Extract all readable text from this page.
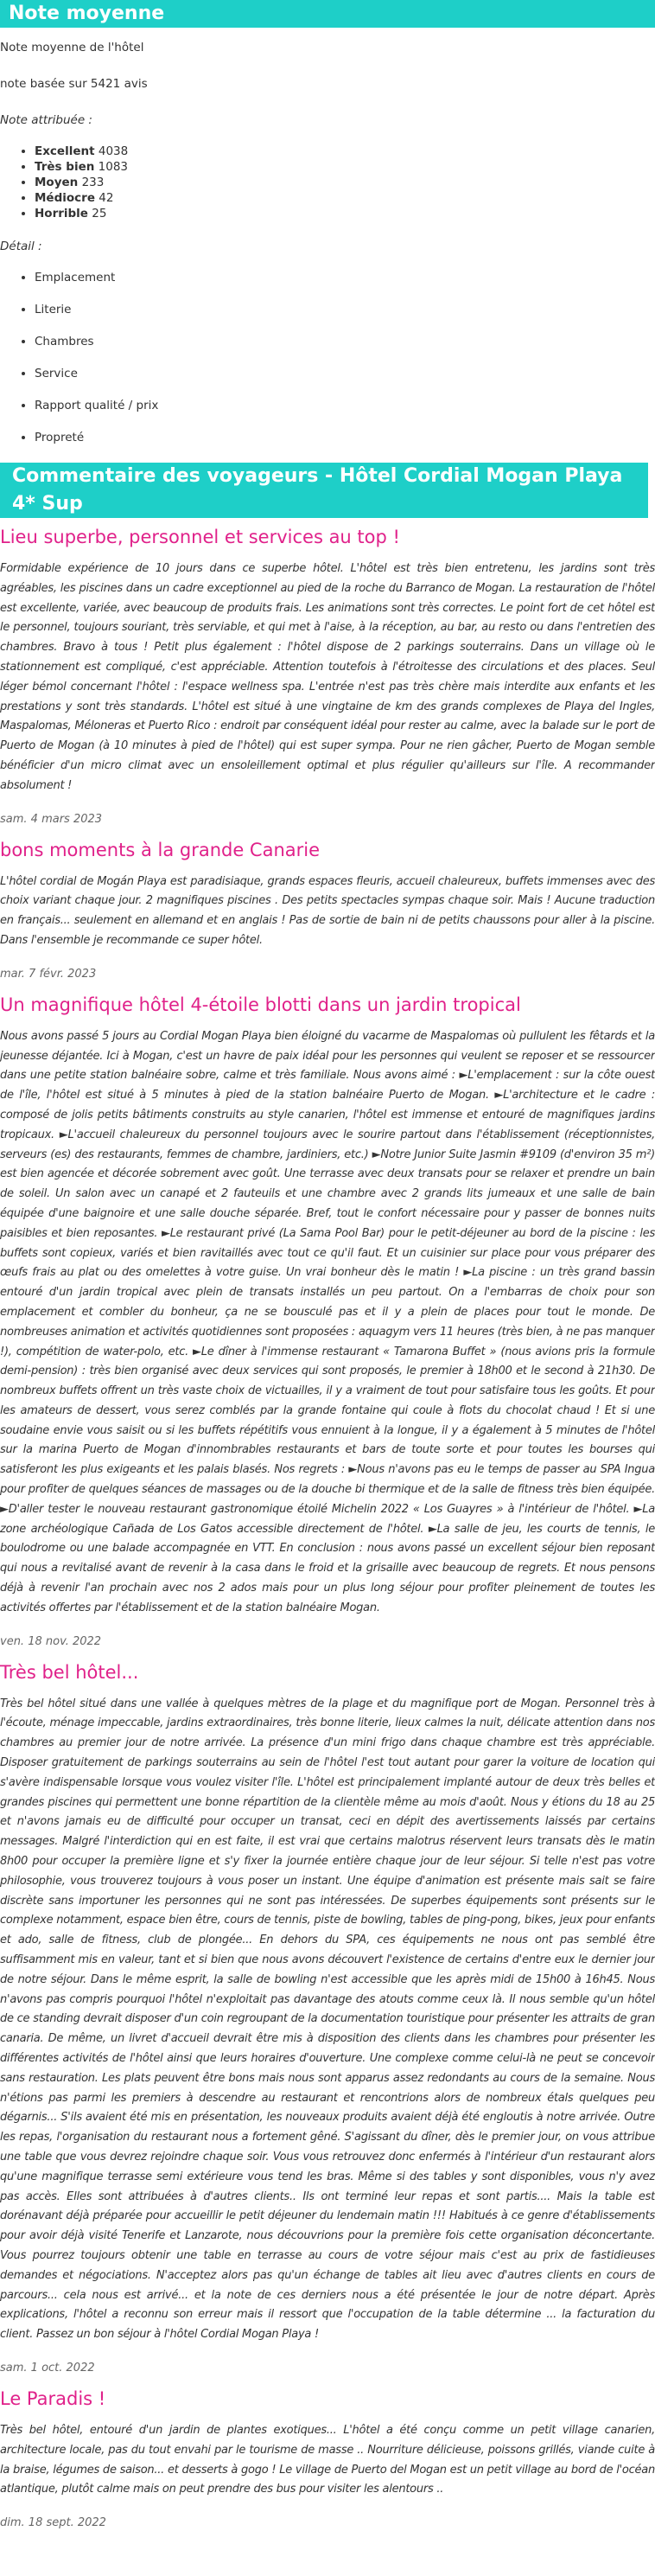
Note moyenne

Note moyenne de l'hôtel

note basée sur 5421 avis

Note attribuée :

• Excellent 4038
• Très bien 1083
• Moyen 233
• Médiocre 42
• Horrible 25

Détail :

• Emplacement
• Literie
• Chambres
• Service
• Rapport qualité / prix
• Propreté
Commentaire des voyageurs - Hôtel Cordial Mogan Playa 4* Sup
Lieu superbe, personnel et services au top !

Formidable expérience de 10 jours dans ce superbe hôtel. L'hôtel est très bien entretenu, les jardins sont très agréables, les piscines dans un cadre exceptionnel au pied de la roche du Barranco de Mogan. La restauration de l'hôtel est excellente, variée, avec beaucoup de produits frais. Les animations sont très correctes. Le point fort de cet hôtel est le personnel, toujours souriant, très serviable, et qui met à l'aise, à la réception, au bar, au resto ou dans l'entretien des chambres. Bravo à tous ! Petit plus également : l'hôtel dispose de 2 parkings souterrains. Dans un village où le stationnement est compliqué, c'est appréciable. Attention toutefois à l'étroitesse des circulations et des places. Seul léger bémol concernant l'hôtel : l'espace wellness spa. L'entrée n'est pas très chère mais interdite aux enfants et les prestations y sont très standards. L'hôtel est situé à une vingtaine de km des grands complexes de Playa del Ingles, Maspalomas, Méloneras et Puerto Rico : endroit par conséquent idéal pour rester au calme, avec la balade sur le port de Puerto de Mogan (à 10 minutes à pied de l'hôtel) qui est super sympa. Pour ne rien gâcher, Puerto de Mogan semble bénéficier d'un micro climat avec un ensoleillement optimal et plus régulier qu'ailleurs sur l'île. A recommander absolument !

sam. 4 mars 2023

bons moments à la grande Canarie

L'hôtel cordial de Mogán Playa est paradisiaque, grands espaces fleuris, accueil chaleureux, buffets immenses avec des choix variant chaque jour. 2 magnifiques piscines . Des petits spectacles sympas chaque soir. Mais ! Aucune traduction en français... seulement en allemand et en anglais ! Pas de sortie de bain ni de petits chaussons pour aller à la piscine. Dans l'ensemble je recommande ce super hôtel.

mar. 7 févr. 2023

Un magnifique hôtel 4-étoile blotti dans un jardin tropical

Nous avons passé 5 jours au Cordial Mogan Playa bien éloigné du vacarme de Maspalomas où pullulent les fêtards et la jeunesse déjantée. Ici à Mogan, c'est un havre de paix idéal pour les personnes qui veulent se reposer et se ressourcer dans une petite station balnéaire sobre, calme et très familiale. Nous avons aimé : ►L'emplacement : sur la côte ouest de l'île, l'hôtel est situé à 5 minutes à pied de la station balnéaire Puerto de Mogan. ►L'architecture et le cadre : composé de jolis petits bâtiments construits au style canarien, l'hôtel est immense et entouré de magnifiques jardins tropicaux. ►L'accueil chaleureux du personnel toujours avec le sourire partout dans l'établissement (réceptionnistes, serveurs (es) des restaurants, femmes de chambre, jardiniers, etc.) ►Notre Junior Suite Jasmin #9109 (d'environ 35 m²) est bien agencée et décorée sobrement avec goût. Une terrasse avec deux transats pour se relaxer et prendre un bain de soleil. Un salon avec un canapé et 2 fauteuils et une chambre avec 2 grands lits jumeaux et une salle de bain équipée d'une baignoire et une salle douche séparée. Bref, tout le confort nécessaire pour y passer de bonnes nuits paisibles et bien reposantes. ►Le restaurant privé (La Sama Pool Bar) pour le petit-déjeuner au bord de la piscine : les buffets sont copieux, variés et bien ravitaillés avec tout ce qu'il faut. Et un cuisinier sur place pour vous préparer des œufs frais au plat ou des omelettes à votre guise. Un vrai bonheur dès le matin ! ►La piscine : un très grand bassin entouré d'un jardin tropical avec plein de transats installés un peu partout. On a l'embarras de choix pour son emplacement et combler du bonheur, ça ne se bousculé pas et il y a plein de places pour tout le monde. De nombreuses animation et activités quotidiennes sont proposées : aquagym vers 11 heures (très bien, à ne pas manquer !), compétition de water-polo, etc. ►Le dîner à l'immense restaurant « Tamarona Buffet » (nous avions pris la formule demi-pension) : très bien organisé avec deux services qui sont proposés, le premier à 18h00 et le second à 21h30. De nombreux buffets offrent un très vaste choix de victuailles, il y a vraiment de tout pour satisfaire tous les goûts. Et pour les amateurs de dessert, vous serez comblés par la grande fontaine qui coule à flots du chocolat chaud ! Et si une soudaine envie vous saisit ou si les buffets répétitifs vous ennuient à la longue, il y a également à 5 minutes de l'hôtel sur la marina Puerto de Mogan d'innombrables restaurants et bars de toute sorte et pour toutes les bourses qui satisferont les plus exigeants et les palais blasés. Nos regrets : ►Nous n'avons pas eu le temps de passer au SPA Ingua pour profiter de quelques séances de massages ou de la douche bi thermique et de la salle de fitness très bien équipée. ►D'aller tester le nouveau restaurant gastronomique étoilé Michelin 2022 « Los Guayres » à l'intérieur de l'hôtel. ►La zone archéologique Cañada de Los Gatos accessible directement de l'hôtel. ►La salle de jeu, les courts de tennis, le boulodrome ou une balade accompagnée en VTT. En conclusion : nous avons passé un excellent séjour bien reposant qui nous a revitalisé avant de revenir à la casa dans le froid et la grisaille avec beaucoup de regrets. Et nous pensons déjà à revenir l'an prochain avec nos 2 ados mais pour un plus long séjour pour profiter pleinement de toutes les activités offertes par l'établissement et de la station balnéaire Mogan.

ven. 18 nov. 2022

Très bel hôtel...

Très bel hôtel situé dans une vallée à quelques mètres de la plage et du magnifique port de Mogan. Personnel très à l'écoute, ménage impeccable, jardins extraordinaires, très bonne literie, lieux calmes la nuit, délicate attention dans nos chambres au premier jour de notre arrivée. La présence d'un mini frigo dans chaque chambre est très appréciable. Disposer gratuitement de parkings souterrains au sein de l'hôtel l'est tout autant pour garer la voiture de location qui s'avère indispensable lorsque vous voulez visiter l'île. L'hôtel est principalement implanté autour de deux très belles et grandes piscines qui permettent une bonne répartition de la clientèle même au mois d'août. Nous y étions du 18 au 25 et n'avons jamais eu de difficulté pour occuper un transat, ceci en dépit des avertissements laissés par certains messages. Malgré l'interdiction qui en est faite, il est vrai que certains malotrus réservent leurs transats dès le matin 8h00 pour occuper la première ligne et s'y fixer la journée entière chaque jour de leur séjour. Si telle n'est pas votre philosophie, vous trouverez toujours à vous poser un instant. Une équipe d'animation est présente mais sait se faire discrète sans importuner les personnes qui ne sont pas intéressées. De superbes équipements sont présents sur le complexe notamment, espace bien être, cours de tennis, piste de bowling, tables de ping-pong, bikes, jeux pour enfants et ado, salle de fitness, club de plongée... En dehors du SPA, ces équipements ne nous ont pas semblé être suffisamment mis en valeur, tant et si bien que nous avons découvert l'existence de certains d'entre eux le dernier jour de notre séjour. Dans le même esprit, la salle de bowling n'est accessible que les après midi de 15h00 à 16h45. Nous n'avons pas compris pourquoi l'hôtel n'exploitait pas davantage des atouts comme ceux là. Il nous semble qu'un hôtel de ce standing devrait disposer d'un coin regroupant de la documentation touristique pour présenter les attraits de gran canaria. De même, un livret d'accueil devrait être mis à disposition des clients dans les chambres pour présenter les différentes activités de l'hôtel ainsi que leurs horaires d'ouverture. Une complexe comme celui-là ne peut se concevoir sans restauration. Les plats peuvent être bons mais nous sont apparus assez redondants au cours de la semaine. Nous n'étions pas parmi les premiers à descendre au restaurant et rencontrions alors de nombreux étals quelques peu dégarnis... S'ils avaient été mis en présentation, les nouveaux produits avaient déjà été engloutis à notre arrivée. Outre les repas, l'organisation du restaurant nous a fortement gêné. S'agissant du dîner, dès le premier jour, on vous attribue une table que vous devrez rejoindre chaque soir. Vous vous retrouvez donc enfermés à l'intérieur d'un restaurant alors qu'une magnifique terrasse semi extérieure vous tend les bras. Même si des tables y sont disponibles, vous n'y avez pas accès. Elles sont attribuées à d'autres clients.. Ils ont terminé leur repas et sont partis.... Mais la table est dorénavant déjà préparée pour accueillir le petit déjeuner du lendemain matin !!! Habitués à ce genre d'établissements pour avoir déjà visité Tenerife et Lanzarote, nous découvrions pour la première fois cette organisation déconcertante. Vous pourrez toujours obtenir une table en terrasse au cours de votre séjour mais c'est au prix de fastidieuses demandes et négociations. N'acceptez alors pas qu'un échange de tables ait lieu avec d'autres clients en cours de parcours... cela nous est arrivé... et la note de ces derniers nous a été présentée le jour de notre départ. Après explications, l'hôtel a reconnu son erreur mais il ressort que l'occupation de la table détermine ... la facturation du client. Passez un bon séjour à l'hôtel Cordial Mogan Playa !

sam. 1 oct. 2022

Le Paradis !

Très bel hôtel, entouré d'un jardin de plantes exotiques... L'hôtel a été conçu comme un petit village canarien, architecture locale, pas du tout envahi par le tourisme de masse .. Nourriture délicieuse, poissons grillés, viande cuite à la braise, légumes de saison... et desserts à gogo ! Le village de Puerto del Mogan est un petit village au bord de l'océan atlantique, plutôt calme mais on peut prendre des bus pour visiter les alentours ..

dim. 18 sept. 2022
